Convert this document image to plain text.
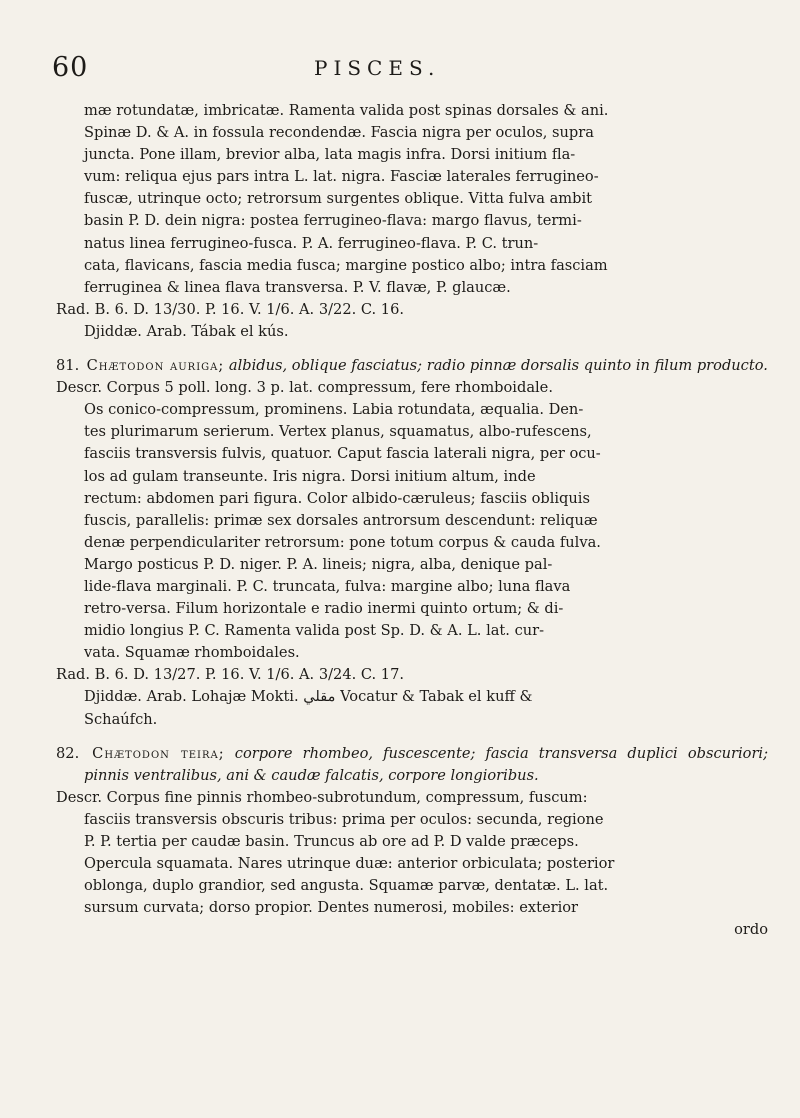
60	PISCES.

mæ rotundatæ, imbricatæ. Ramenta valida post spinas dorsales & ani.

Spinæ D. & A. in fossula recondendæ. Fascia nigra per oculos, supra

juncta. Pone illam, brevior alba, lata magis infra. Dorsi initium fla-

vum: reliqua ejus pars intra L. lat. nigra. Fasciæ laterales ferrugineo-

fuscæ, utrinque octo; retrorsum surgentes oblique. Vitta fulva ambit

basin P. D. dein nigra: postea ferrugineo-flava: margo flavus, termi-

natus linea ferrugineo-fusca. P. A. ferrugineo-flava. P. C. trun-

cata, flavicans, fascia media fusca; margine postico albo; intra fasciam

ferruginea & linea flava transversa. P. V. flavæ, P. glaucæ.

Rad. B. 6. D. 13/30. P. 16. V. 1/6. A. 3/22. C. 16.

Djiddæ. Arab. Tábak el kús.

81. Chætodon auriga; albidus, oblique fasciatus; radio pinnæ dorsalis quinto in filum producto.

Descr. Corpus 5 poll. long. 3 p. lat. compressum, fere rhomboidale.

Os conico-compressum, prominens. Labia rotundata, æqualia. Den-

tes plurimarum serierum. Vertex planus, squamatus, albo-rufescens,

fasciis transversis fulvis, quatuor. Caput fascia laterali nigra, per ocu-

los ad gulam transeunte. Iris nigra. Dorsi initium altum, inde

rectum: abdomen pari figura. Color albido-cæruleus; fasciis obliquis

fuscis, parallelis: primæ sex dorsales antrorsum descendunt: reliquæ

denæ perpendiculariter retrorsum: pone totum corpus & cauda fulva.

Margo posticus P. D. niger. P. A. lineis; nigra, alba, denique pal-

lide-flava marginali. P. C. truncata, fulva: margine albo; luna flava

retro-versa. Filum horizontale e radio inermi quinto ortum; & di-

midio longius P. C. Ramenta valida post Sp. D. & A. L. lat. cur-

vata. Squamæ rhomboidales.

Rad. B. 6. D. 13/27. P. 16. V. 1/6. A. 3/24. C. 17.

Djiddæ. Arab. Lohajæ Mokti. مقلي Vocatur & Tabak el kuff &

Schaúfch.

82. Chætodon teira; corpore rhombeo, fuscescente; fascia transversa duplici obscuriori; pinnis ventralibus, ani & caudæ falcatis, corpore longioribus.

Descr. Corpus fine pinnis rhombeo-subrotundum, compressum, fuscum:

fasciis transversis obscuris tribus: prima per oculos: secunda, regione

P. P. tertia per caudæ basin. Truncus ab ore ad P. D valde præceps.

Opercula squamata. Nares utrinque duæ: anterior orbiculata; posterior

oblonga, duplo grandior, sed angusta. Squamæ parvæ, dentatæ. L. lat.

sursum curvata; dorso propior. Dentes numerosi, mobiles: exterior

ordo
